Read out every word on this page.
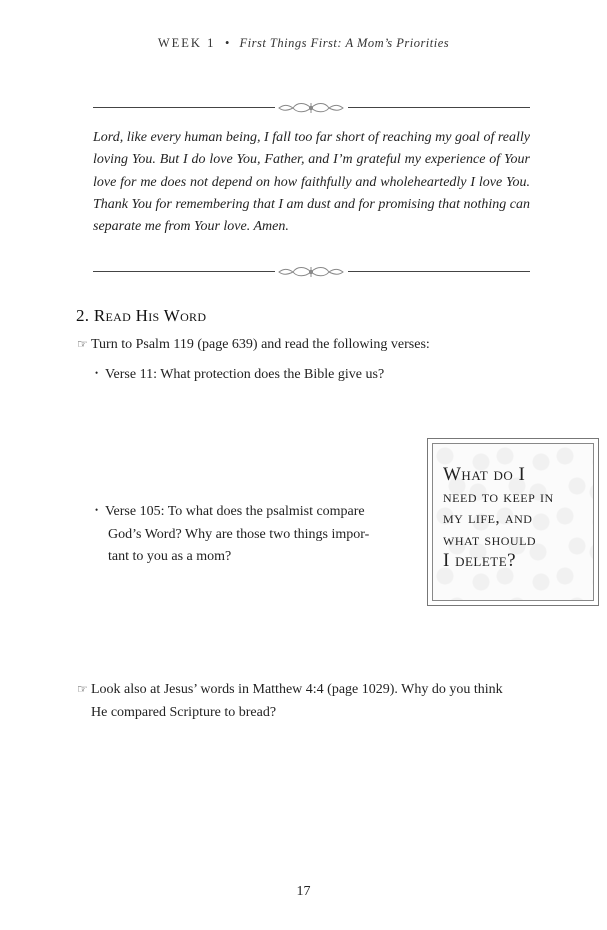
WEEK 1 • First Things First: A Mom’s Priorities
Lord, like every human being, I fall too far short of reaching my goal of really loving You. But I do love You, Father, and I’m grateful my experience of Your love for me does not depend on how faithfully and wholeheartedly I love You. Thank You for remembering that I am dust and for promising that nothing can separate me from Your love. Amen.
2. Read His Word
☞ Turn to Psalm 119 (page 639) and read the following verses:
• Verse 11: What protection does the Bible give us?
• Verse 105: To what does the psalmist compare
God’s Word? Why are those two things impor-
tant to you as a mom?
What do I
need to keep in
my life, and
what should
I delete?
☞ Look also at Jesus’ words in Matthew 4:4 (page 1029). Why do you think
He compared Scripture to bread?
17
